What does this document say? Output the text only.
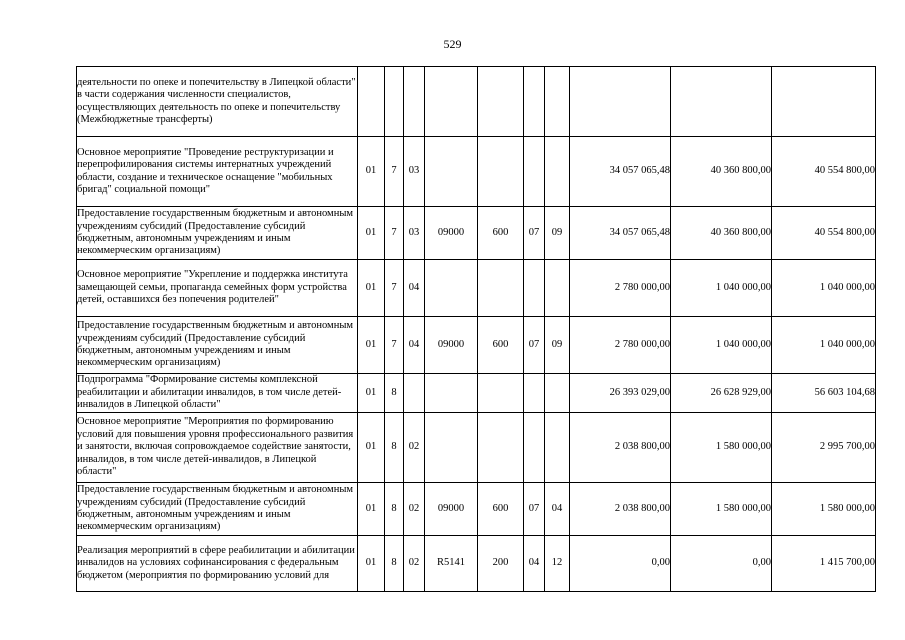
529
деятельности по опеке и попечительству в Липецкой области" в части содержания численности специалистов, осуществляющих деятельность по опеке и попечительству (Межбюджетные трансферты)										
Основное мероприятие "Проведение реструктуризации и перепрофилирования системы интернатных учреждений области, создание и техническое оснащение "мобильных бригад" социальной помощи"	01	7	03					34 057 065,48	40 360 800,00	40 554 800,00
Предоставление государственным бюджетным и автономным учреждениям субсидий (Предоставление субсидий бюджетным, автономным учреждениям и иным некоммерческим организациям)	01	7	03	09000	600	07	09	34 057 065,48	40 360 800,00	40 554 800,00
Основное мероприятие "Укрепление и поддержка института замещающей семьи, пропаганда семейных форм устройства детей, оставшихся без попечения родителей"	01	7	04					2 780 000,00	1 040 000,00	1 040 000,00
Предоставление государственным бюджетным и автономным учреждениям субсидий (Предоставление субсидий бюджетным, автономным учреждениям и иным некоммерческим организациям)	01	7	04	09000	600	07	09	2 780 000,00	1 040 000,00	1 040 000,00
Подпрограмма "Формирование системы комплексной реабилитации и абилитации инвалидов, в том числе детей-инвалидов в Липецкой области"	01	8						26 393 029,00	26 628 929,00	56 603 104,68
Основное мероприятие "Мероприятия по формированию условий для повышения уровня профессионального развития и занятости, включая сопровождаемое содействие занятости, инвалидов, в том числе детей-инвалидов, в Липецкой области"	01	8	02					2 038 800,00	1 580 000,00	2 995 700,00
Предоставление государственным бюджетным и автономным учреждениям субсидий (Предоставление субсидий бюджетным, автономным учреждениям и иным некоммерческим организациям)	01	8	02	09000	600	07	04	2 038 800,00	1 580 000,00	1 580 000,00
Реализация мероприятий в сфере реабилитации и абилитации инвалидов на условиях софинансирования с федеральным бюджетом (мероприятия по формированию условий для	01	8	02	R5141	200	04	12	0,00	0,00	1 415 700,00
